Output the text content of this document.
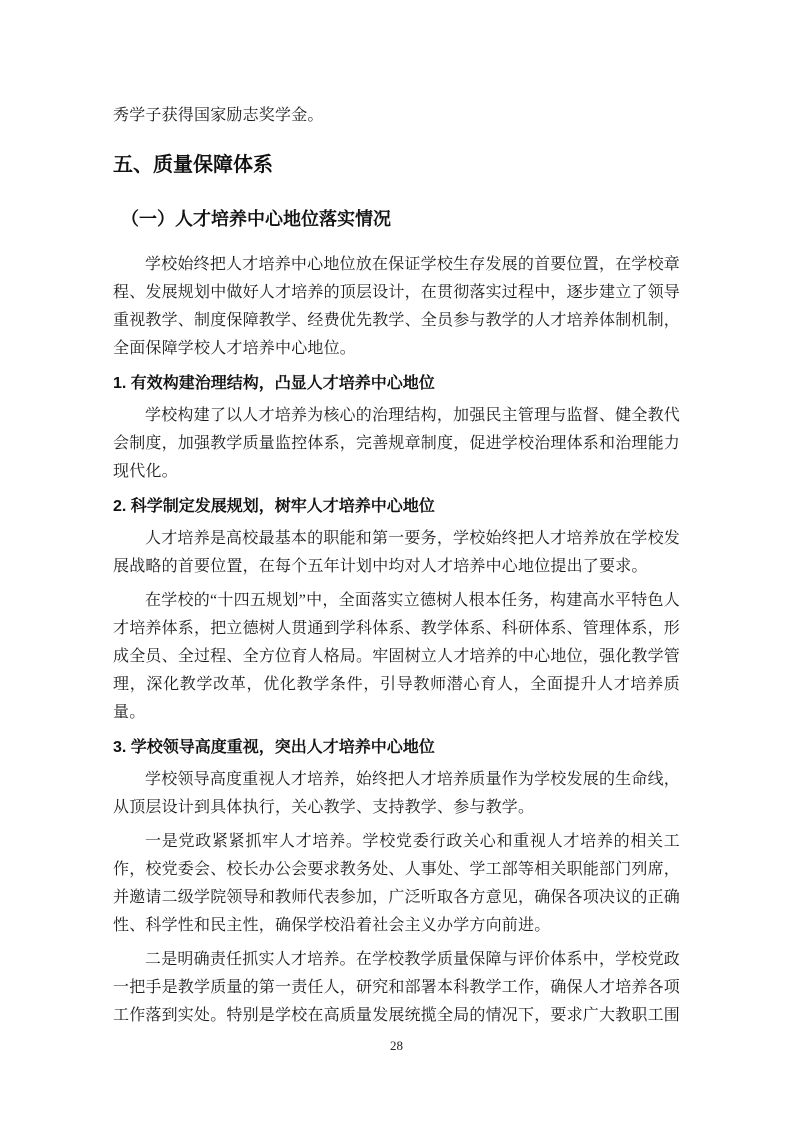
秀学子获得国家励志奖学金。

五、质量保障体系
（一）人才培养中心地位落实情况

学校始终把人才培养中心地位放在保证学校生存发展的首要位置，在学校章程、发展规划中做好人才培养的顶层设计，在贯彻落实过程中，逐步建立了领导重视教学、制度保障教学、经费优先教学、全员参与教学的人才培养体制机制，全面保障学校人才培养中心地位。

1. 有效构建治理结构，凸显人才培养中心地位

学校构建了以人才培养为核心的治理结构，加强民主管理与监督、健全教代会制度，加强教学质量监控体系，完善规章制度，促进学校治理体系和治理能力现代化。

2. 科学制定发展规划，树牢人才培养中心地位

人才培养是高校最基本的职能和第一要务，学校始终把人才培养放在学校发展战略的首要位置，在每个五年计划中均对人才培养中心地位提出了要求。

在学校的“十四五规划”中，全面落实立德树人根本任务，构建高水平特色人才培养体系，把立德树人贯通到学科体系、教学体系、科研体系、管理体系，形成全员、全过程、全方位育人格局。牢固树立人才培养的中心地位，强化教学管理，深化教学改革，优化教学条件，引导教师潜心育人，全面提升人才培养质量。

3. 学校领导高度重视，突出人才培养中心地位

学校领导高度重视人才培养，始终把人才培养质量作为学校发展的生命线，从顶层设计到具体执行，关心教学、支持教学、参与教学。

一是党政紧紧抓牢人才培养。学校党委行政关心和重视人才培养的相关工作，校党委会、校长办公会要求教务处、人事处、学工部等相关职能部门列席，并邀请二级学院领导和教师代表参加，广泛听取各方意见，确保各项决议的正确性、科学性和民主性，确保学校沿着社会主义办学方向前进。

二是明确责任抓实人才培养。在学校教学质量保障与评价体系中，学校党政一把手是教学质量的第一责任人，研究和部署本科教学工作，确保人才培养各项工作落到实处。特别是学校在高质量发展统揽全局的情况下，要求广大教职工围

28
